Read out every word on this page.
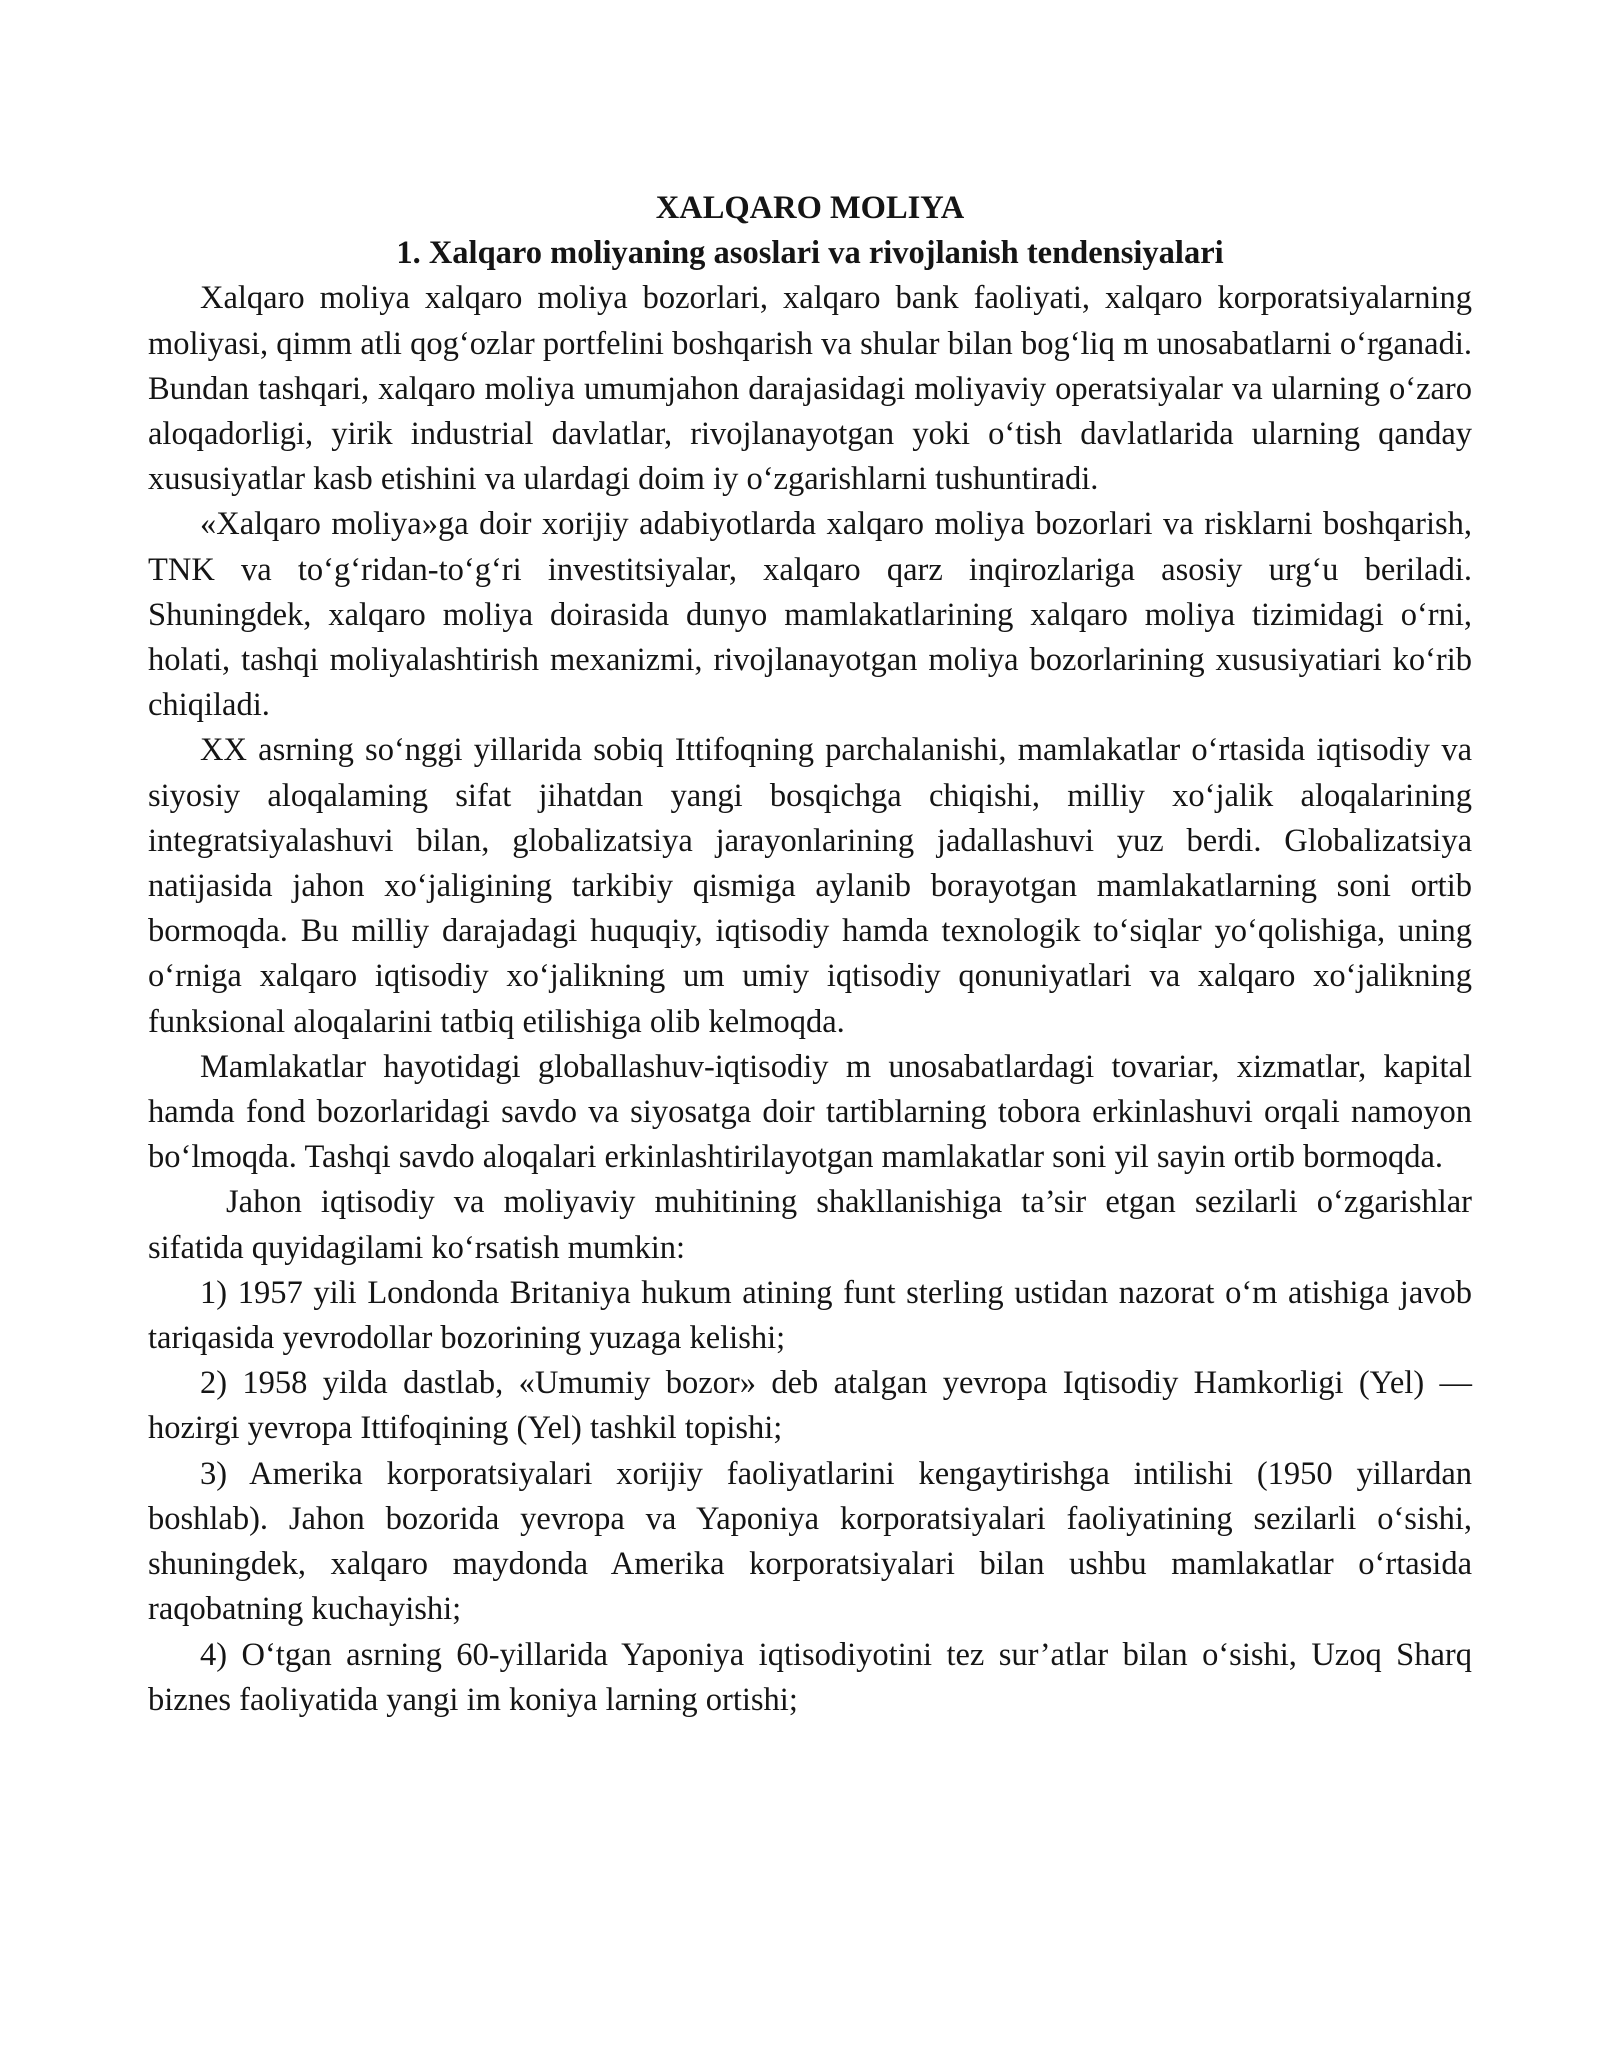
XALQARO MOLIYA
1. Xalqaro moliyaning asoslari va rivojlanish tendensiyalari

Xalqaro moliya xalqaro moliya bozorlari, xalqaro bank faoliyati, xalqaro korporatsiyalarning moliyasi, qimm atli qog‘ozlar portfelini boshqarish va shular bilan bog‘liq m unosabatlarni o‘rganadi. Bundan tashqari, xalqaro moliya umumjahon darajasidagi moliyaviy operatsiyalar va ularning o‘zaro aloqadorligi, yirik industrial davlatlar, rivojlanayotgan yoki o‘tish davlatlarida ularning qanday xususiyatlar kasb etishini va ulardagi doim iy o‘zgarishlarni tushuntiradi.

«Xalqaro moliya»ga doir xorijiy adabiyotlarda xalqaro moliya bozorlari va risklarni boshqarish, TNK va to‘g‘ridan-to‘g‘ri investitsiyalar, xalqaro qarz inqirozlariga asosiy urg‘u beriladi. Shuningdek, xalqaro moliya doirasida dunyo mamlakatlarining xalqaro moliya tizimidagi o‘rni, holati, tashqi moliyalashtirish mexanizmi, rivojlanayotgan moliya bozorlarining xususiyatiari ko‘rib chiqiladi.

XX asrning so‘nggi yillarida sobiq Ittifoqning parchalanishi, mamlakatlar o‘rtasida iqtisodiy va siyosiy aloqalaming sifat jihatdan yangi bosqichga chiqishi, milliy xo‘jalik aloqalarining integratsiyalashuvi bilan, globalizatsiya jarayonlarining jadallashuvi yuz berdi. Globalizatsiya natijasida jahon xo‘jaligining tarkibiy qismiga aylanib borayotgan mamlakatlarning soni ortib bormoqda. Bu milliy darajadagi huquqiy, iqtisodiy hamda texnologik to‘siqlar yo‘qolishiga, uning o‘rniga xalqaro iqtisodiy xo‘jalikning um umiy iqtisodiy qonuniyatlari va xalqaro xo‘jalikning funksional aloqalarini tatbiq etilishiga olib kelmoqda.

Mamlakatlar hayotidagi globallashuv-iqtisodiy m unosabatlardagi tovariar, xizmatlar, kapital hamda fond bozorlaridagi savdo va siyosatga doir tartiblarning tobora erkinlashuvi orqali namoyon bo‘lmoqda. Tashqi savdo aloqalari erkinlashtirilayotgan mamlakatlar soni yil sayin ortib bormoqda.

Jahon iqtisodiy va moliyaviy muhitining shakllanishiga ta’sir etgan sezilarli o‘zgarishlar sifatida quyidagilami ko‘rsatish mumkin:

1) 1957 yili Londonda Britaniya hukum atining funt sterling ustidan nazorat o‘m atishiga javob tariqasida yevrodollar bozorining yuzaga kelishi;

2) 1958 yilda dastlab, «Umumiy bozor» deb atalgan yevropa Iqtisodiy Hamkorligi (Yel) — hozirgi yevropa Ittifoqining (Yel) tashkil topishi;

3) Amerika korporatsiyalari xorijiy faoliyatlarini kengaytirishga intilishi (1950 yillardan boshlab). Jahon bozorida yevropa va Yaponiya korporatsiyalari faoliyatining sezilarli o‘sishi, shuningdek, xalqaro maydonda Amerika korporatsiyalari bilan ushbu mamlakatlar o‘rtasida raqobatning kuchayishi;

4) O‘tgan asrning 60-yillarida Yaponiya iqtisodiyotini tez sur’atlar bilan o‘sishi, Uzoq Sharq biznes faoliyatida yangi im koniya larning ortishi;
